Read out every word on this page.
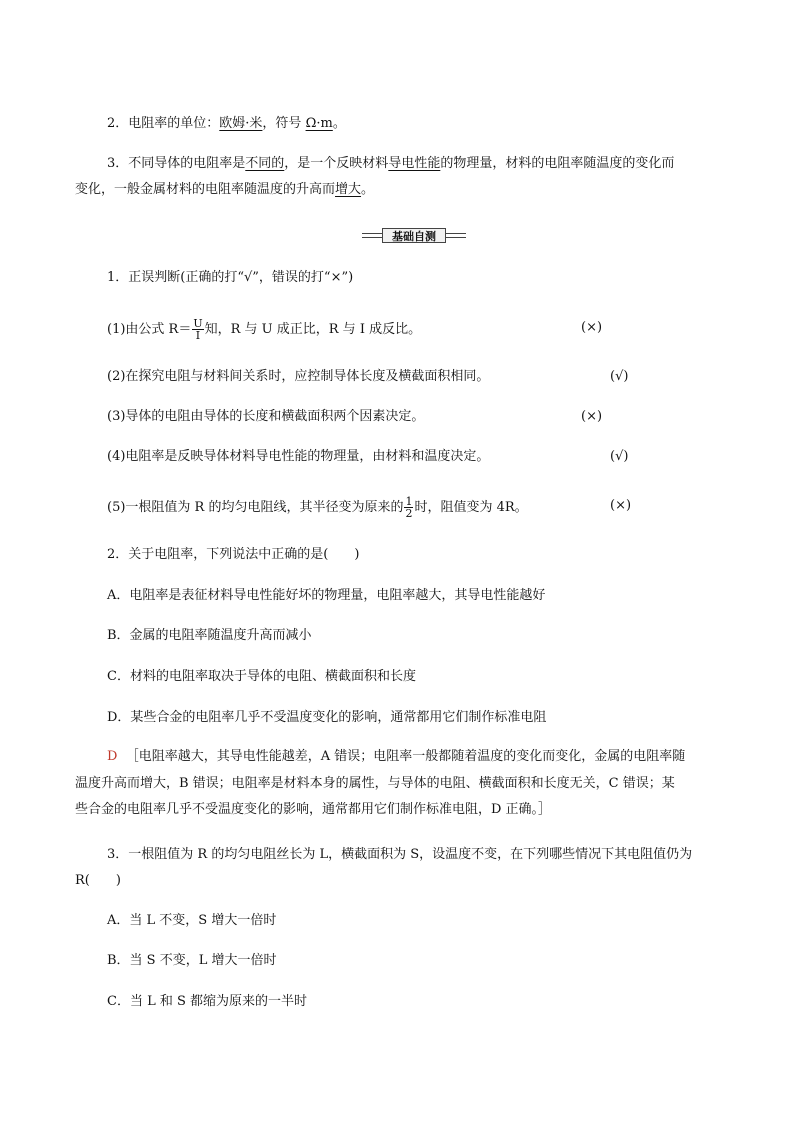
2．电阻率的单位：欧姆·米，符号 Ω·m。
3．不同导体的电阻率是不同的，是一个反映材料导电性能的物理量，材料的电阻率随温度的变化而
变化，一般金属材料的电阻率随温度的升高而增大。
基础自测
1．正误判断(正确的打“√”，错误的打“×”)
(1)由公式 $R= \frac{U}{I}$ 知，R 与 U 成正比，R 与 I 成反比。	(×)
(2)在探究电阻与材料间关系时，应控制导体长度及横截面积相同。	(√)
(3)导体的电阻由导体的长度和横截面积两个因素决定。	(×)
(4)电阻率是反映导体材料导电性能的物理量，由材料和温度决定。	(√)
(5)一根阻值为 R 的均匀电阻线，其半径变为原来的 $\frac{1}{2}$ 时，阻值变为 4R。	(×)
2．关于电阻率，下列说法中正确的是(　　)
A．电阻率是表征材料导电性能好坏的物理量，电阻率越大，其导电性能越好
B．金属的电阻率随温度升高而减小
C．材料的电阻率取决于导体的电阻、横截面积和长度
D．某些合金的电阻率几乎不受温度变化的影响，通常都用它们制作标准电阻
D ［电阻率越大，其导电性能越差，A 错误；电阻率一般都随着温度的变化而变化，金属的电阻率随
温度升高而增大，B 错误；电阻率是材料本身的属性，与导体的电阻、横截面积和长度无关，C 错误；某
些合金的电阻率几乎不受温度变化的影响，通常都用它们制作标准电阻，D 正确。］
3．一根阻值为 R 的均匀电阻丝长为 L，横截面积为 S，设温度不变，在下列哪些情况下其电阻值仍为
R(　　)
A．当 L 不变，S 增大一倍时
B．当 S 不变，L 增大一倍时
C．当 L 和 S 都缩为原来的一半时
